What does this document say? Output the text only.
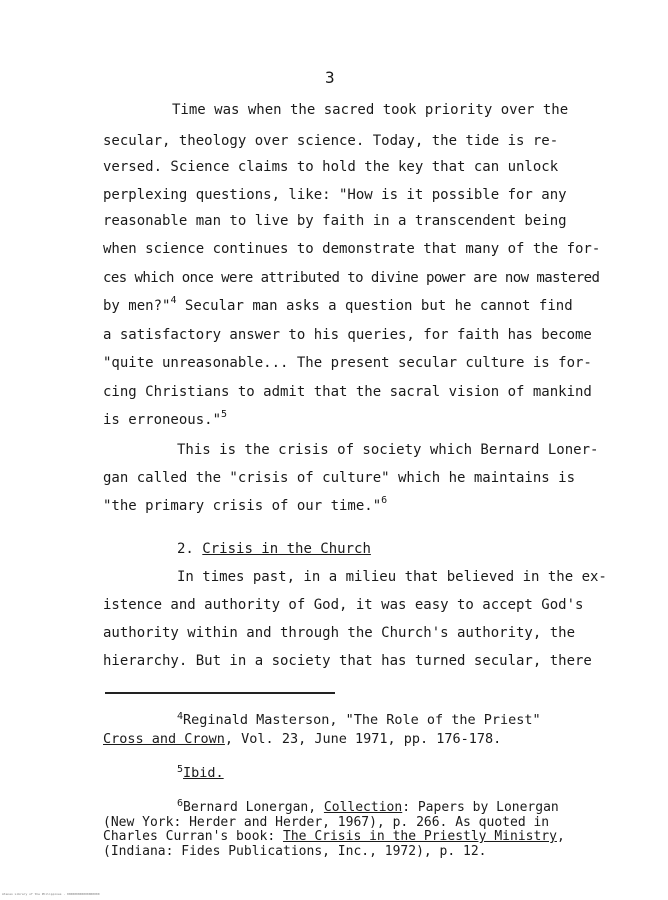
3
Time was when the sacred took priority over the
secular, theology over science. Today, the tide is re-
versed. Science claims to hold the key that can unlock
perplexing questions, like: "How is it possible for any
reasonable man to live by faith in a transcendent being
when science continues to demonstrate that many of the for-
ces which once were attributed to divine power are now mastered
by men?"$^4$ Secular man asks a question but he cannot find
a satisfactory answer to his queries, for faith has become
"quite unreasonable... The present secular culture is for-
cing Christians to admit that the sacral vision of mankind
is erroneous."$^5$
This is the crisis of society which Bernard Loner-
gan called the "crisis of culture" which he maintains is
"the primary crisis of our time."$^6$
2. Crisis in the Church
In times past, in a milieu that believed in the ex-
istence and authority of God, it was easy to accept God's
authority within and through the Church's authority, the
hierarchy. But in a society that has turned secular, there
$^4$Reginald Masterson, "The Role of the Priest"
Cross and Crown, Vol. 23, June 1971, pp. 176-178.
$^5$Ibid.
$^6$Bernard Lonergan, Collection: Papers by Lonergan
(New York: Herder and Herder, 1967), p. 266. As quoted in
Charles Curran's book: The Crisis in the Priestly Ministry,
(Indiana: Fides Publications, Inc., 1972), p. 12.
Ateneo Library of the Philippines · 000000000000000000
